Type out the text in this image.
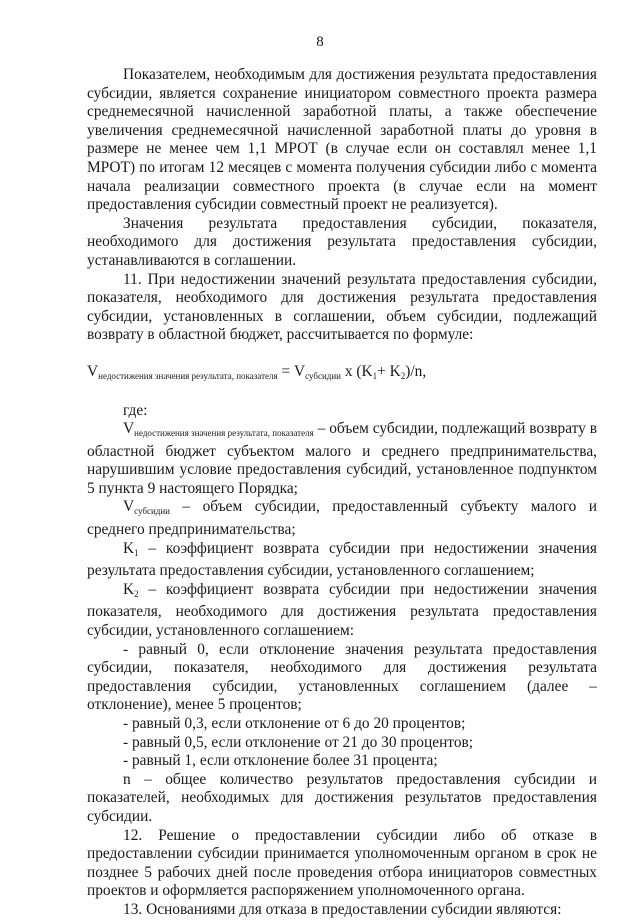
8

Показателем, необходимым для достижения результата предоставления субсидии, является сохранение инициатором совместного проекта размера среднемесячной начисленной заработной платы, а также обеспечение увеличения среднемесячной начисленной заработной платы до уровня в размере не менее чем 1,1 МРОТ (в случае если он составлял менее 1,1 МРОТ) по итогам 12 месяцев с момента получения субсидии либо с момента начала реализации совместного проекта (в случае если на момент предоставления субсидии совместный проект не реализуется).

Значения результата предоставления субсидии, показателя, необходимого для достижения результата предоставления субсидии, устанавливаются в соглашении.

11. При недостижении значений результата предоставления субсидии, показателя, необходимого для достижения результата предоставления субсидии, установленных в соглашении, объем субсидии, подлежащий возврату в областной бюджет, рассчитывается по формуле:

$V_{недостижения значения результата, показателя} = V_{субсидии}$ x $(K_1+ K_2)/n$,

где:

$V_{недостижения значения результата, показателя}$ – объем субсидии, подлежащий возврату в областной бюджет субъектом малого и среднего предпринимательства, нарушившим условие предоставления субсидий, установленное подпунктом 5 пункта 9 настоящего Порядка;

$V_{субсидии}$ – объем субсидии, предоставленный субъекту малого и среднего предпринимательства;

$K_1$ – коэффициент возврата субсидии при недостижении значения результата предоставления субсидии, установленного соглашением;

$K_2$ – коэффициент возврата субсидии при недостижении значения показателя, необходимого для достижения результата предоставления субсидии, установленного соглашением:

- равный 0, если отклонение значения результата предоставления субсидии, показателя, необходимого для достижения результата предоставления субсидии, установленных соглашением (далее – отклонение), менее 5 процентов;

- равный 0,3, если отклонение от 6 до 20 процентов;

- равный 0,5, если отклонение от 21 до 30 процентов;

- равный 1, если отклонение более 31 процента;

n – общее количество результатов предоставления субсидии и показателей, необходимых для достижения результатов предоставления субсидии.

12. Решение о предоставлении субсидии либо об отказе в предоставлении субсидии принимается уполномоченным органом в срок не позднее 5 рабочих дней после проведения отбора инициаторов совместных проектов и оформляется распоряжением уполномоченного органа.

13. Основаниями для отказа в предоставлении субсидии являются:
